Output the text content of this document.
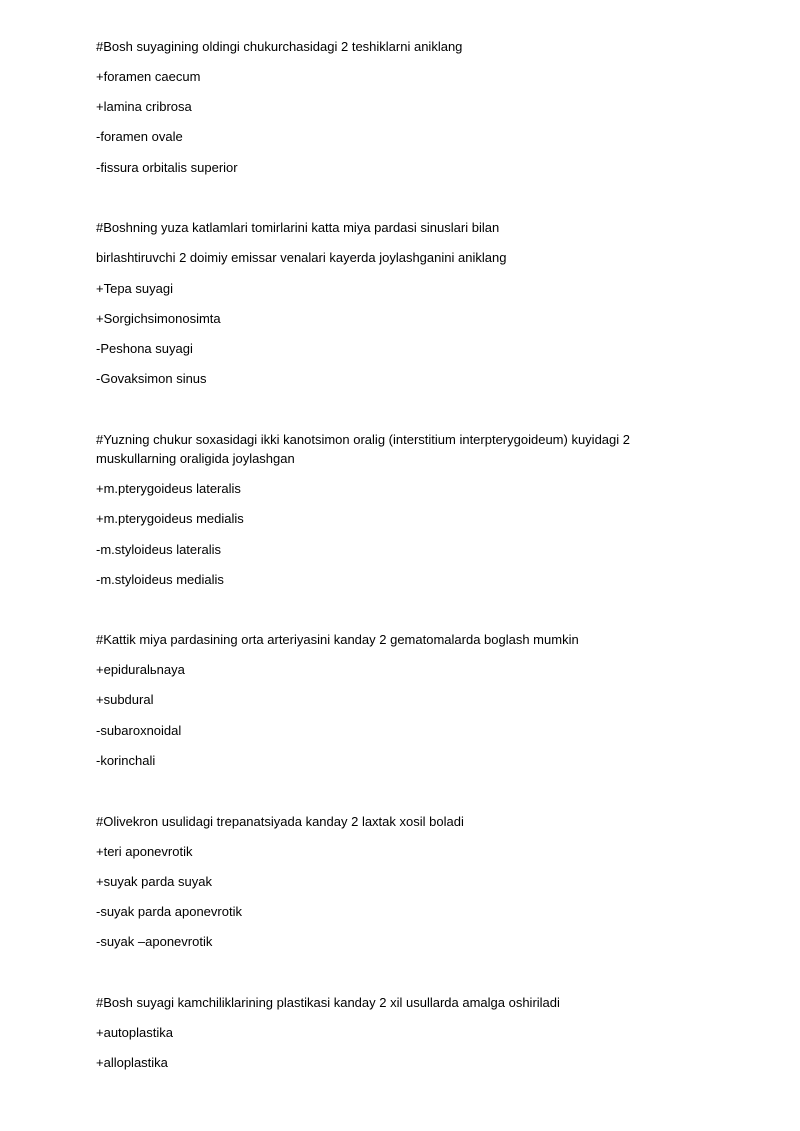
#Bosh suyagining oldingi chukurchasidagi 2 teshiklarni aniklang
+foramen caecum
+lamina cribrosa
-foramen ovale
-fissura orbitalis superior
#Boshning yuza katlamlari tomirlarini katta miya pardasi sinuslari bilan
birlashtiruvchi 2 doimiy emissar venalari kayerda joylashganini aniklang
+Tepa suyagi
+Sorgichsimonosimta
-Peshona suyagi
-Govaksimon sinus
#Yuzning chukur soxasidagi ikki kanotsimon oralig (interstitium interpterygoideum) kuyidagi 2
muskullarning oraligida joylashgan
+m.pterygoideus lateralis
+m.pterygoideus medialis
-m.styloideus lateralis
-m.styloideus medialis
#Kattik miya pardasining orta arteriyasini kanday 2 gematomalarda boglash mumkin
+epiduralьnaya
+subdural
-subaroxnoidal
-korinchali
#Olivekron usulidagi trepanatsiyada kanday 2 laxtak xosil boladi
+teri aponevrotik
+suyak parda suyak
-suyak parda aponevrotik
-suyak –aponevrotik
#Bosh suyagi kamchiliklarining plastikasi kanday 2 xil usullarda amalga oshiriladi
+autoplastika
+alloplastika
